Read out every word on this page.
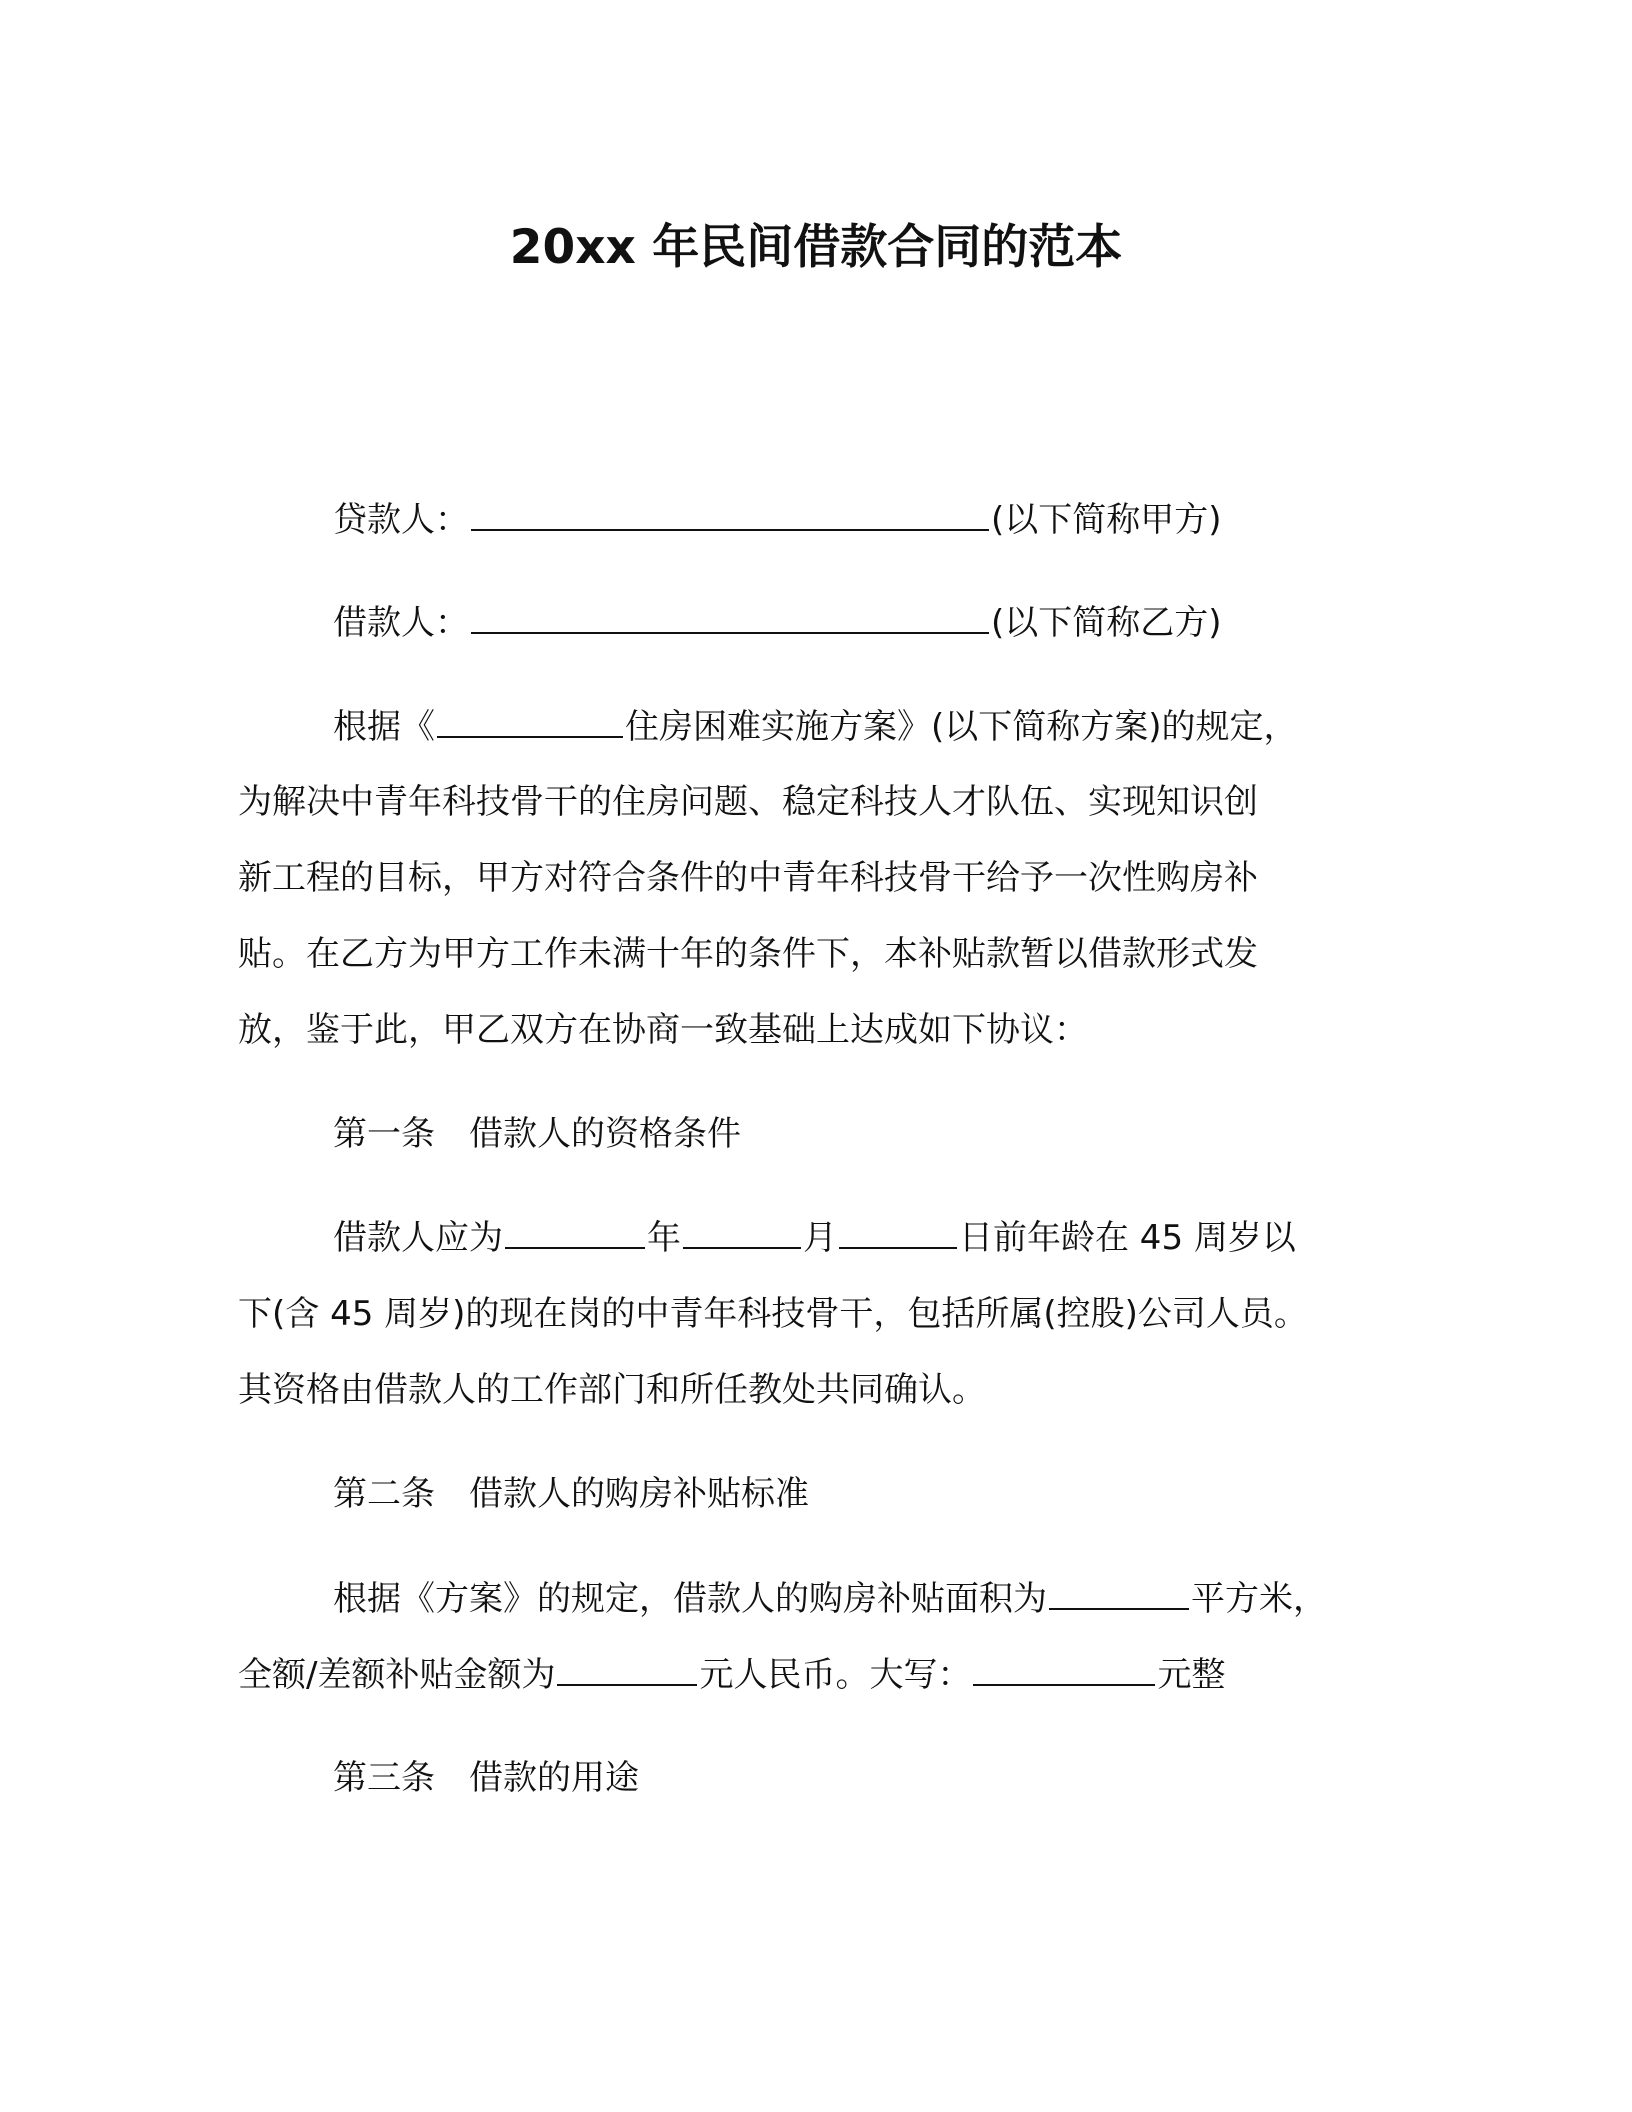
20xx 年民间借款合同的范本
贷款人：	(以下简称甲方)
借款人：	(以下简称乙方)
根据《	住房困难实施方案》(以下简称方案)的规定，
为解决中青年科技骨干的住房问题、稳定科技人才队伍、实现知识创
新工程的目标，甲方对符合条件的中青年科技骨干给予一次性购房补
贴。在乙方为甲方工作未满十年的条件下，本补贴款暂以借款形式发
放，鉴于此，甲乙双方在协商一致基础上达成如下协议：
第一条　借款人的资格条件
借款人应为	年	月	日前年龄在 45 周岁以
下(含 45 周岁)的现在岗的中青年科技骨干，包括所属(控股)公司人员。
其资格由借款人的工作部门和所任教处共同确认。
第二条　借款人的购房补贴标准
根据《方案》的规定，借款人的购房补贴面积为	平方米，
全额/差额补贴金额为	元人民币。大写：	元整
第三条　借款的用途
